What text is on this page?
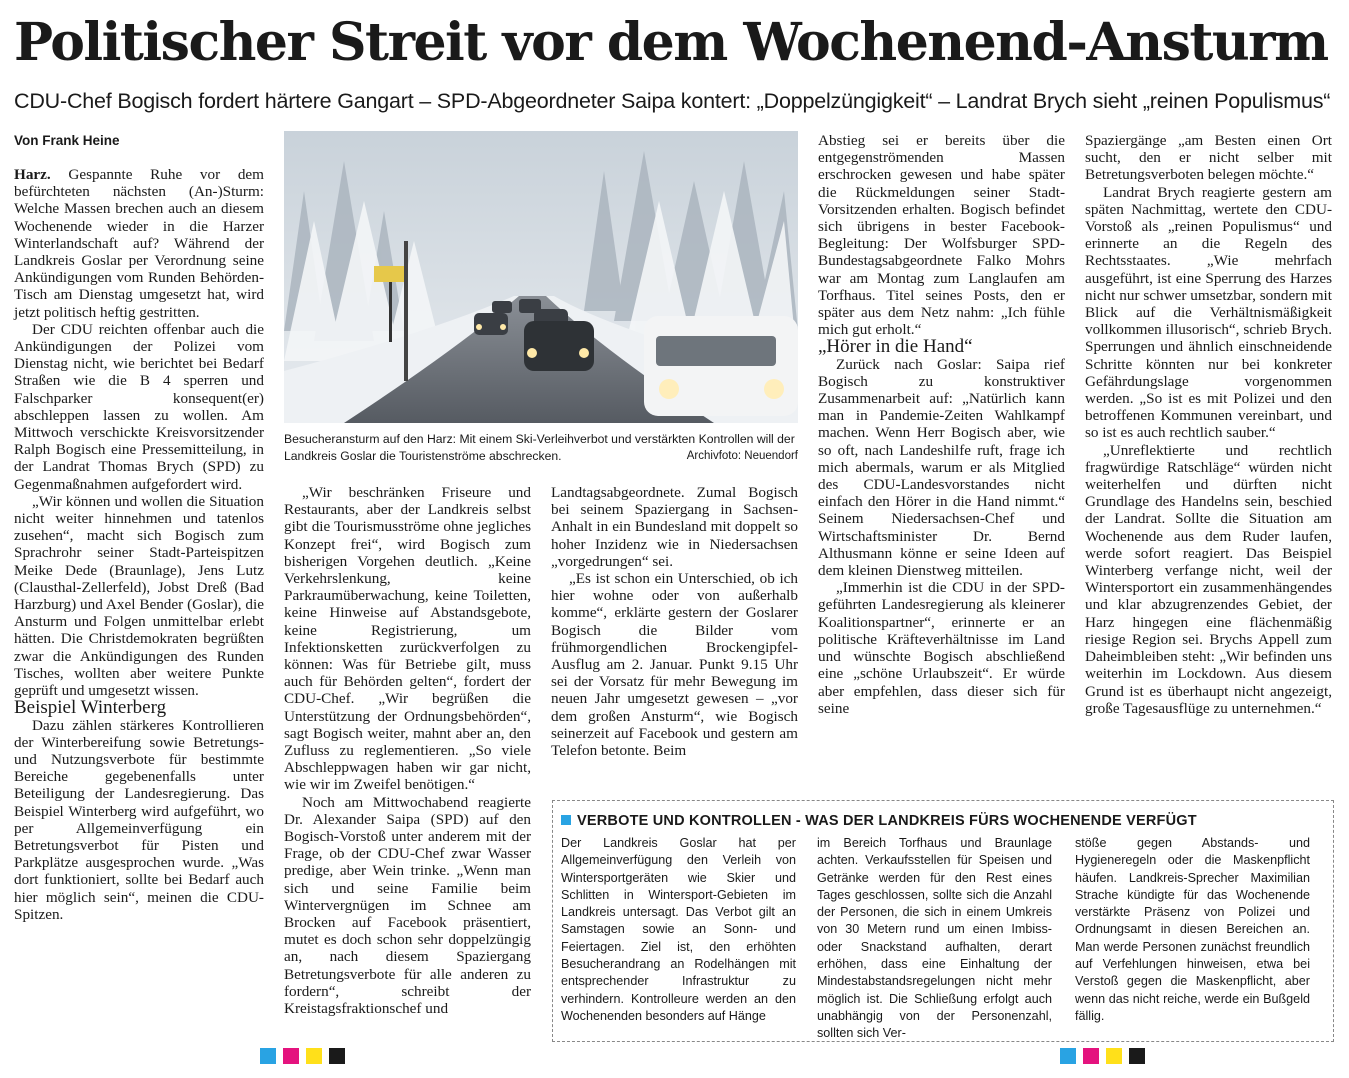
Politischer Streit vor dem Wochenend-Ansturm
CDU-Chef Bogisch fordert härtere Gangart – SPD-Abgeordneter Saipa kontert: „Doppelzüngigkeit“ – Landrat Brych sieht „reinen Populismus“
Von Frank Heine

Harz. Gespannte Ruhe vor dem befürchteten nächsten (An-)Sturm: Welche Massen brechen auch an diesem Wochenende wieder in die Harzer Winterlandschaft auf? Während der Landkreis Goslar per Verordnung seine Ankündigungen vom Runden Behörden-Tisch am Dienstag umgesetzt hat, wird jetzt politisch heftig gestritten.

Der CDU reichten offenbar auch die Ankündigungen der Polizei vom Dienstag nicht, wie berichtet bei Bedarf Straßen wie die B 4 sperren und Falschparker konsequent(er) abschleppen lassen zu wollen. Am Mittwoch verschickte Kreisvorsitzender Ralph Bogisch eine Pressemitteilung, in der Landrat Thomas Brych (SPD) zu Gegenmaßnahmen aufgefordert wird.

„Wir können und wollen die Situation nicht weiter hinnehmen und tatenlos zusehen“, macht sich Bogisch zum Sprachrohr seiner Stadt-Parteispitzen Meike Dede (Braunlage), Jens Lutz (Clausthal-Zellerfeld), Jobst Dreß (Bad Harzburg) und Axel Bender (Goslar), die Ansturm und Folgen unmittelbar erlebt hätten. Die Christdemokraten begrüßten zwar die Ankündigungen des Runden Tisches, wollten aber weitere Punkte geprüft und umgesetzt wissen.

Beispiel Winterberg

Dazu zählen stärkeres Kontrollieren der Winterbereifung sowie Betretungs- und Nutzungsverbote für bestimmte Bereiche gegebenenfalls unter Beteiligung der Landesregierung. Das Beispiel Winterberg wird aufgeführt, wo per Allgemeinverfügung ein Betretungsverbot für Pisten und Parkplätze ausgesprochen wurde. „Was dort funktioniert, sollte bei Bedarf auch hier möglich sein“, meinen die CDU-Spitzen.

Besucheransturm auf den Harz: Mit einem Ski-Verleihverbot und verstärkten Kontrollen will der Landkreis Goslar die Touristenströme abschrecken.	Archivfoto: Neuendorf

„Wir beschränken Friseure und Restaurants, aber der Landkreis selbst gibt die Tourismusströme ohne jegliches Konzept frei“, wird Bogisch zum bisherigen Vorgehen deutlich. „Keine Verkehrslenkung, keine Parkraumüberwachung, keine Toiletten, keine Hinweise auf Abstandsgebote, keine Registrierung, um Infektionsketten zurückverfolgen zu können: Was für Betriebe gilt, muss auch für Behörden gelten“, fordert der CDU-Chef. „Wir begrüßen die Unterstützung der Ordnungsbehörden“, sagt Bogisch weiter, mahnt aber an, den Zufluss zu reglementieren. „So viele Abschleppwagen haben wir gar nicht, wie wir im Zweifel benötigen.“

Noch am Mittwochabend reagierte Dr. Alexander Saipa (SPD) auf den Bogisch-Vorstoß unter anderem mit der Frage, ob der CDU-Chef zwar Wasser predige, aber Wein trinke. „Wenn man sich und seine Familie beim Wintervergnügen im Schnee am Brocken auf Facebook präsentiert, mutet es doch schon sehr doppelzüngig an, nach diesem Spaziergang Betretungsverbote für alle anderen zu fordern“, schreibt der Kreistagsfraktionschef und

Landtagsabgeordnete. Zumal Bogisch bei seinem Spaziergang in Sachsen-Anhalt in ein Bundesland mit doppelt so hoher Inzidenz wie in Niedersachsen „vorgedrungen“ sei.

„Es ist schon ein Unterschied, ob ich hier wohne oder von außerhalb komme“, erklärte gestern der Goslarer Bogisch die Bilder vom frühmorgendlichen Brockengipfel-Ausflug am 2. Januar. Punkt 9.15 Uhr sei der Vorsatz für mehr Bewegung im neuen Jahr umgesetzt gewesen – „vor dem großen Ansturm“, wie Bogisch seinerzeit auf Facebook und gestern am Telefon betonte. Beim

Abstieg sei er bereits über die entgegenströmenden Massen erschrocken gewesen und habe später die Rückmeldungen seiner Stadt-Vorsitzenden erhalten. Bogisch befindet sich übrigens in bester Facebook-Begleitung: Der Wolfsburger SPD-Bundestagsabgeordnete Falko Mohrs war am Montag zum Langlaufen am Torfhaus. Titel seines Posts, den er später aus dem Netz nahm: „Ich fühle mich gut erholt.“

„Hörer in die Hand“

Zurück nach Goslar: Saipa rief Bogisch zu konstruktiver Zusammenarbeit auf: „Natürlich kann man in Pandemie-Zeiten Wahlkampf machen. Wenn Herr Bogisch aber, wie so oft, nach Landeshilfe ruft, frage ich mich abermals, warum er als Mitglied des CDU-Landesvorstandes nicht einfach den Hörer in die Hand nimmt.“ Seinem Niedersachsen-Chef und Wirtschaftsminister Dr. Bernd Althusmann könne er seine Ideen auf dem kleinen Dienstweg mitteilen.

„Immerhin ist die CDU in der SPD-geführten Landesregierung als kleinerer Koalitionspartner“, erinnerte er an politische Kräfteverhältnisse im Land und wünschte Bogisch abschließend eine „schöne Urlaubszeit“. Er würde aber empfehlen, dass dieser sich für seine

Spaziergänge „am Besten einen Ort sucht, den er nicht selber mit Betretungsverboten belegen möchte.“

Landrat Brych reagierte gestern am späten Nachmittag, wertete den CDU-Vorstoß als „reinen Populismus“ und erinnerte an die Regeln des Rechtsstaates. „Wie mehrfach ausgeführt, ist eine Sperrung des Harzes nicht nur schwer umsetzbar, sondern mit Blick auf die Verhältnismäßigkeit vollkommen illusorisch“, schrieb Brych. Sperrungen und ähnlich einschneidende Schritte könnten nur bei konkreter Gefährdungslage vorgenommen werden. „So ist es mit Polizei und den betroffenen Kommunen vereinbart, und so ist es auch rechtlich sauber.“

„Unreflektierte und rechtlich fragwürdige Ratschläge“ würden nicht weiterhelfen und dürften nicht Grundlage des Handelns sein, beschied der Landrat. Sollte die Situation am Wochenende aus dem Ruder laufen, werde sofort reagiert. Das Beispiel Winterberg verfange nicht, weil der Wintersportort ein zusammenhängendes und klar abzugrenzendes Gebiet, der Harz hingegen eine flächenmäßig riesige Region sei. Brychs Appell zum Daheimbleiben steht: „Wir befinden uns weiterhin im Lockdown. Aus diesem Grund ist es überhaupt nicht angezeigt, große Tagesausflüge zu unternehmen.“

VERBOTE UND KONTROLLEN - WAS DER LANDKREIS FÜRS WOCHENENDE VERFÜGT
Der Landkreis Goslar hat per Allgemeinverfügung den Verleih von Wintersportgeräten wie Skier und Schlitten in Wintersport-Gebieten im Landkreis untersagt. Das Verbot gilt an Samstagen sowie an Sonn- und Feiertagen. Ziel ist, den erhöhten Besucherandrang an Rodelhängen mit entsprechender Infrastruktur zu verhindern. Kontrolleure werden an den Wochenenden besonders auf Hänge
im Bereich Torfhaus und Braunlage achten. Verkaufsstellen für Speisen und Getränke werden für den Rest eines Tages geschlossen, sollte sich die Anzahl der Personen, die sich in einem Umkreis von 30 Metern rund um einen Imbiss- oder Snackstand aufhalten, derart erhöhen, dass eine Einhaltung der Mindestabstandsregelungen nicht mehr möglich ist. Die Schließung erfolgt auch unabhängig von der Personenzahl, sollten sich Ver-
stöße gegen Abstands- und Hygieneregeln oder die Maskenpflicht häufen. Landkreis-Sprecher Maximilian Strache kündigte für das Wochenende verstärkte Präsenz von Polizei und Ordnungsamt in diesen Bereichen an. Man werde Personen zunächst freundlich auf Verfehlungen hinweisen, etwa bei Verstoß gegen die Maskenpflicht, aber wenn das nicht reiche, werde ein Bußgeld fällig.
